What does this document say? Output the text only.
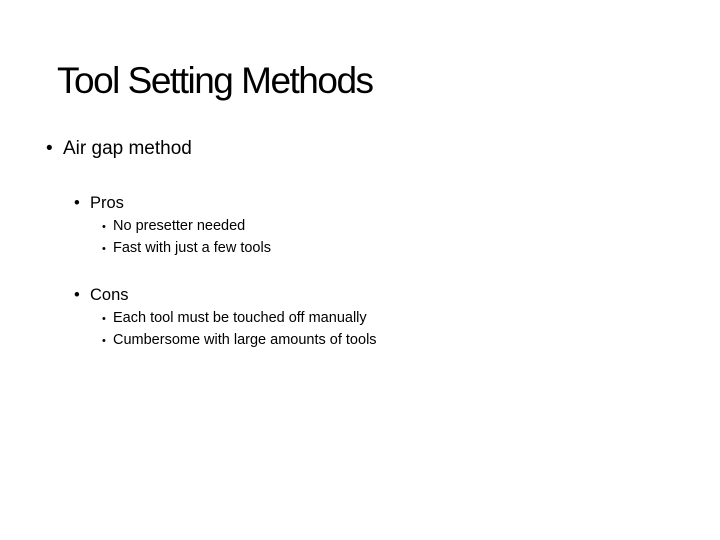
Tool Setting Methods
• Air gap method
• Pros
• No presetter needed
• Fast with just a few tools
• Cons
• Each tool must be touched off manually
• Cumbersome with large amounts of tools
